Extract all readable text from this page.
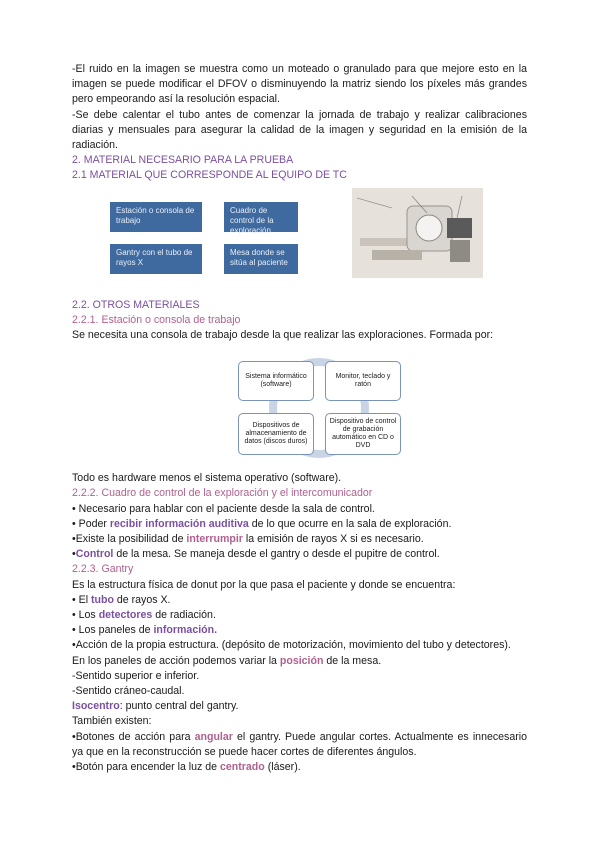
-El ruido en la imagen se muestra como un moteado o granulado para que mejore esto en la imagen se puede modificar el DFOV o disminuyendo la matriz siendo los píxeles más grandes pero empeorando así la resolución espacial.

-Se debe calentar el tubo antes de comenzar la jornada de trabajo y realizar calibraciones diarias y mensuales para asegurar la calidad de la imagen y seguridad en la emisión de la radiación.

2. MATERIAL NECESARIO PARA LA PRUEBA

2.1 MATERIAL QUE CORRESPONDE AL EQUIPO DE TC

Estación o consola de trabajo
Cuadro de control de la exploración
Gantry con el tubo de rayos X
Mesa donde se sitúa al paciente

2.2. OTROS MATERIALES

2.2.1. Estación o consola de trabajo

Se necesita una consola de trabajo desde la que realizar las exploraciones. Formada por:

Sistema informático (software)
Monitor, teclado y ratón
Dispositivos de almacenamiento de datos (discos duros)
Dispositivo de control de grabación automático en CD o DVD

Todo es hardware menos el sistema operativo (software).

2.2.2. Cuadro de control de la exploración y el intercomunicador

• Necesario para hablar con el paciente desde la sala de control.

• Poder recibir información auditiva de lo que ocurre en la sala de exploración.

•Existe la posibilidad de interrumpir la emisión de rayos X si es necesario.

•Control de la mesa. Se maneja desde el gantry o desde el pupitre de control.

2.2.3. Gantry

Es la estructura física de donut por la que pasa el paciente y donde se encuentra:

• El tubo de rayos X.

• Los detectores de radiación.

• Los paneles de información.

•Acción de la propia estructura. (depósito de motorización, movimiento del tubo y detectores).

En los paneles de acción podemos variar la posición de la mesa.

-Sentido superior e inferior.

-Sentido cráneo-caudal.

Isocentro: punto central del gantry.

También existen:

•Botones de acción para angular el gantry. Puede angular cortes. Actualmente es innecesario ya que en la reconstrucción se puede hacer cortes de diferentes ángulos.

•Botón para encender la luz de centrado (láser).
